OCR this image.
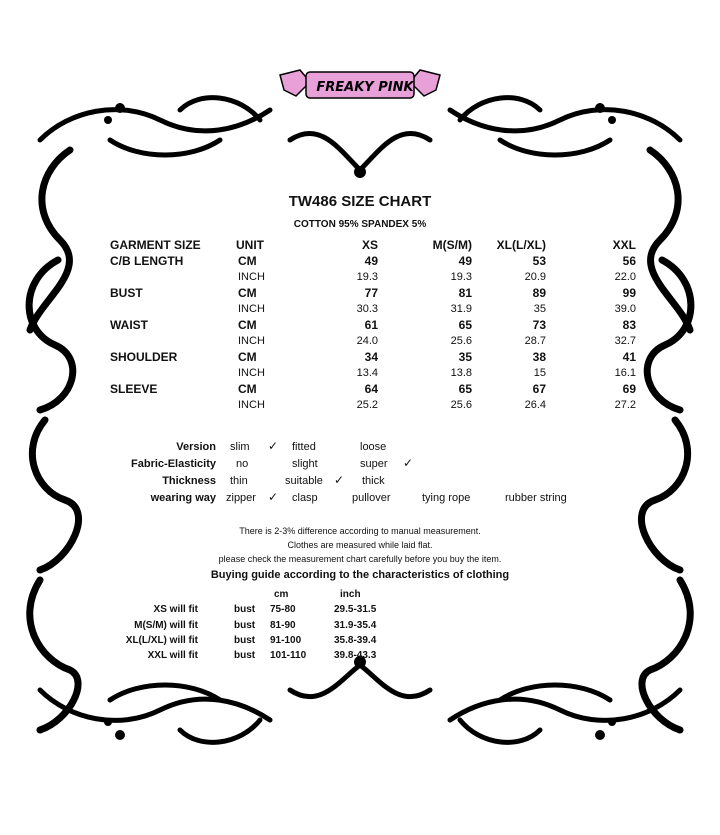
FREAKY PINK
TW486 SIZE CHART
COTTON 95% SPANDEX 5%
GARMENT SIZE	UNIT	XS	M(S/M)	XL(L/XL)	XXL
C/B LENGTH	CM	49	49	53	56
INCH	19.3	19.3	20.9	22.0
BUST	CM	77	81	89	99
INCH	30.3	31.9	35	39.0
WAIST	CM	61	65	73	83
INCH	24.0	25.6	28.7	32.7
SHOULDER	CM	34	35	38	41
INCH	13.4	13.8	15	16.1
SLEEVE	CM	64	65	67	69
INCH	25.2	25.6	26.4	27.2
Version slim ✓ fitted	loose
Fabric-Elasticity no	slight	super ✓
Thickness thin	suitable ✓ thick
wearing way zipper ✓ clasp	pullover	tying rope	rubber string
There is 2-3% difference according to manual measurement.
Clothes are measured while laid flat.
please check the measurement chart carefully before you buy the item.
Buying guide according to the characteristics of clothing
cm	inch
XS will fit	bust 75-80	29.5-31.5
M(S/M) will fit	bust 81-90	31.9-35.4
XL(L/XL) will fit	bust 91-100	35.8-39.4
XXL will fit	bust 101-110	39.8-43.3
